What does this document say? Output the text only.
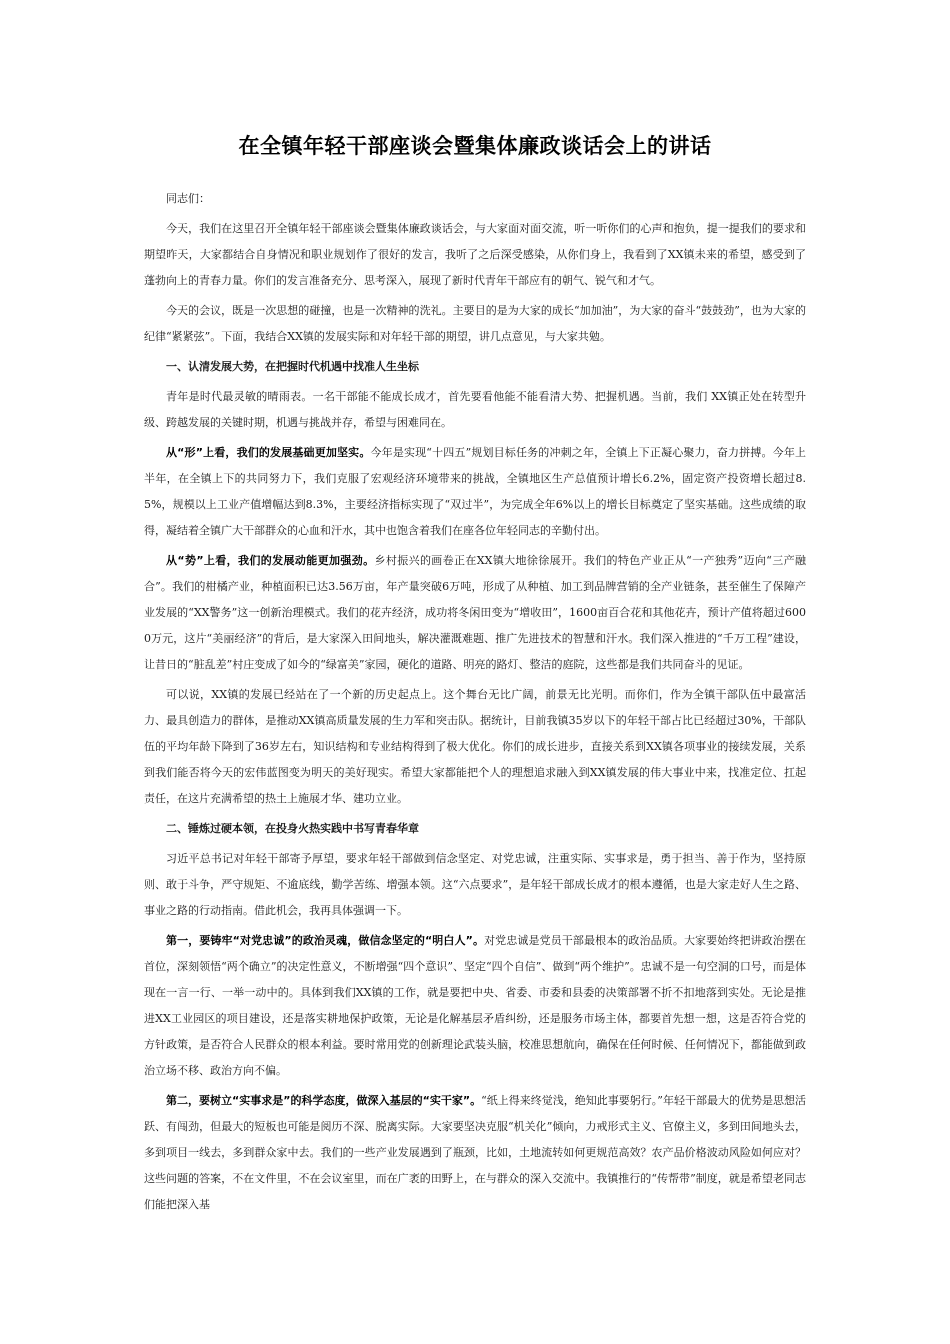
在全镇年轻干部座谈会暨集体廉政谈话会上的讲话

同志们：

今天，我们在这里召开全镇年轻干部座谈会暨集体廉政谈话会，与大家面对面交流，听一听你们的心声和抱负，提一提我们的要求和期望昨天，大家都结合自身情况和职业规划作了很好的发言，我听了之后深受感染，从你们身上，我看到了XX镇未来的希望，感受到了蓬勃向上的青春力量。你们的发言准备充分、思考深入，展现了新时代青年干部应有的朝气、锐气和才气。

今天的会议，既是一次思想的碰撞，也是一次精神的洗礼。主要目的是为大家的成长“加加油”，为大家的奋斗“鼓鼓劲”，也为大家的纪律“紧紧弦”。下面，我结合XX镇的发展实际和对年轻干部的期望，讲几点意见，与大家共勉。

一、认清发展大势，在把握时代机遇中找准人生坐标

青年是时代最灵敏的晴雨表。一名干部能不能成长成才，首先要看他能不能看清大势、把握机遇。当前，我们 XX镇正处在转型升级、跨越发展的关键时期，机遇与挑战并存，希望与困难同在。

从“形”上看，我们的发展基础更加坚实。今年是实现“十四五”规划目标任务的冲刺之年，全镇上下正凝心聚力，奋力拼搏。今年上半年，在全镇上下的共同努力下，我们克服了宏观经济环境带来的挑战，全镇地区生产总值预计增长6.2%，固定资产投资增长超过8.5%，规模以上工业产值增幅达到8.3%，主要经济指标实现了“双过半”，为完成全年6%以上的增长目标奠定了坚实基础。这些成绩的取得，凝结着全镇广大干部群众的心血和汗水，其中也饱含着我们在座各位年轻同志的辛勤付出。

从“势”上看，我们的发展动能更加强劲。乡村振兴的画卷正在XX镇大地徐徐展开。我们的特色产业正从“一产独秀”迈向“三产融合”。我们的柑橘产业，种植面积已达3.56万亩，年产量突破6万吨，形成了从种植、加工到品牌营销的全产业链条，甚至催生了保障产业发展的“XX警务”这一创新治理模式。我们的花卉经济，成功将冬闲田变为“增收田”，1600亩百合花和其他花卉，预计产值将超过6000万元，这片“美丽经济”的背后，是大家深入田间地头，解决灌溉难题、推广先进技术的智慧和汗水。我们深入推进的“千万工程”建设，让昔日的“脏乱差”村庄变成了如今的“绿富美”家园，硬化的道路、明亮的路灯、整洁的庭院，这些都是我们共同奋斗的见证。

可以说，XX镇的发展已经站在了一个新的历史起点上。这个舞台无比广阔，前景无比光明。而你们，作为全镇干部队伍中最富活力、最具创造力的群体，是推动XX镇高质量发展的生力军和突击队。据统计，目前我镇35岁以下的年轻干部占比已经超过30%，干部队伍的平均年龄下降到了36岁左右，知识结构和专业结构得到了极大优化。你们的成长进步，直接关系到XX镇各项事业的接续发展，关系到我们能否将今天的宏伟蓝图变为明天的美好现实。希望大家都能把个人的理想追求融入到XX镇发展的伟大事业中来，找准定位、扛起责任，在这片充满希望的热土上施展才华、建功立业。

二、锤炼过硬本领，在投身火热实践中书写青春华章

习近平总书记对年轻干部寄予厚望，要求年轻干部做到信念坚定、对党忠诚，注重实际、实事求是，勇于担当、善于作为，坚持原则、敢于斗争，严守规矩、不逾底线，勤学苦练、增强本领。这“六点要求”，是年轻干部成长成才的根本遵循，也是大家走好人生之路、事业之路的行动指南。借此机会，我再具体强调一下。

第一，要铸牢“对党忠诚”的政治灵魂，做信念坚定的“明白人”。对党忠诚是党员干部最根本的政治品质。大家要始终把讲政治摆在首位，深刻领悟“两个确立”的决定性意义，不断增强“四个意识”、坚定“四个自信”、做到“两个维护”。忠诚不是一句空洞的口号，而是体现在一言一行、一举一动中的。具体到我们XX镇的工作，就是要把中央、省委、市委和县委的决策部署不折不扣地落到实处。无论是推进XX工业园区的项目建设，还是落实耕地保护政策，无论是化解基层矛盾纠纷，还是服务市场主体，都要首先想一想，这是否符合党的方针政策，是否符合人民群众的根本利益。要时常用党的创新理论武装头脑，校准思想航向，确保在任何时候、任何情况下，都能做到政治立场不移、政治方向不偏。

第二，要树立“实事求是”的科学态度，做深入基层的“实干家”。“纸上得来终觉浅，绝知此事要躬行。”年轻干部最大的优势是思想活跃、有闯劲，但最大的短板也可能是阅历不深、脱离实际。大家要坚决克服“机关化”倾向，力戒形式主义、官僚主义，多到田间地头去，多到项目一线去，多到群众家中去。我们的一些产业发展遇到了瓶颈，比如，土地流转如何更规范高效？农产品价格波动风险如何应对？这些问题的答案，不在文件里，不在会议室里，而在广袤的田野上，在与群众的深入交流中。我镇推行的“传帮带”制度，就是希望老同志们能把深入基
